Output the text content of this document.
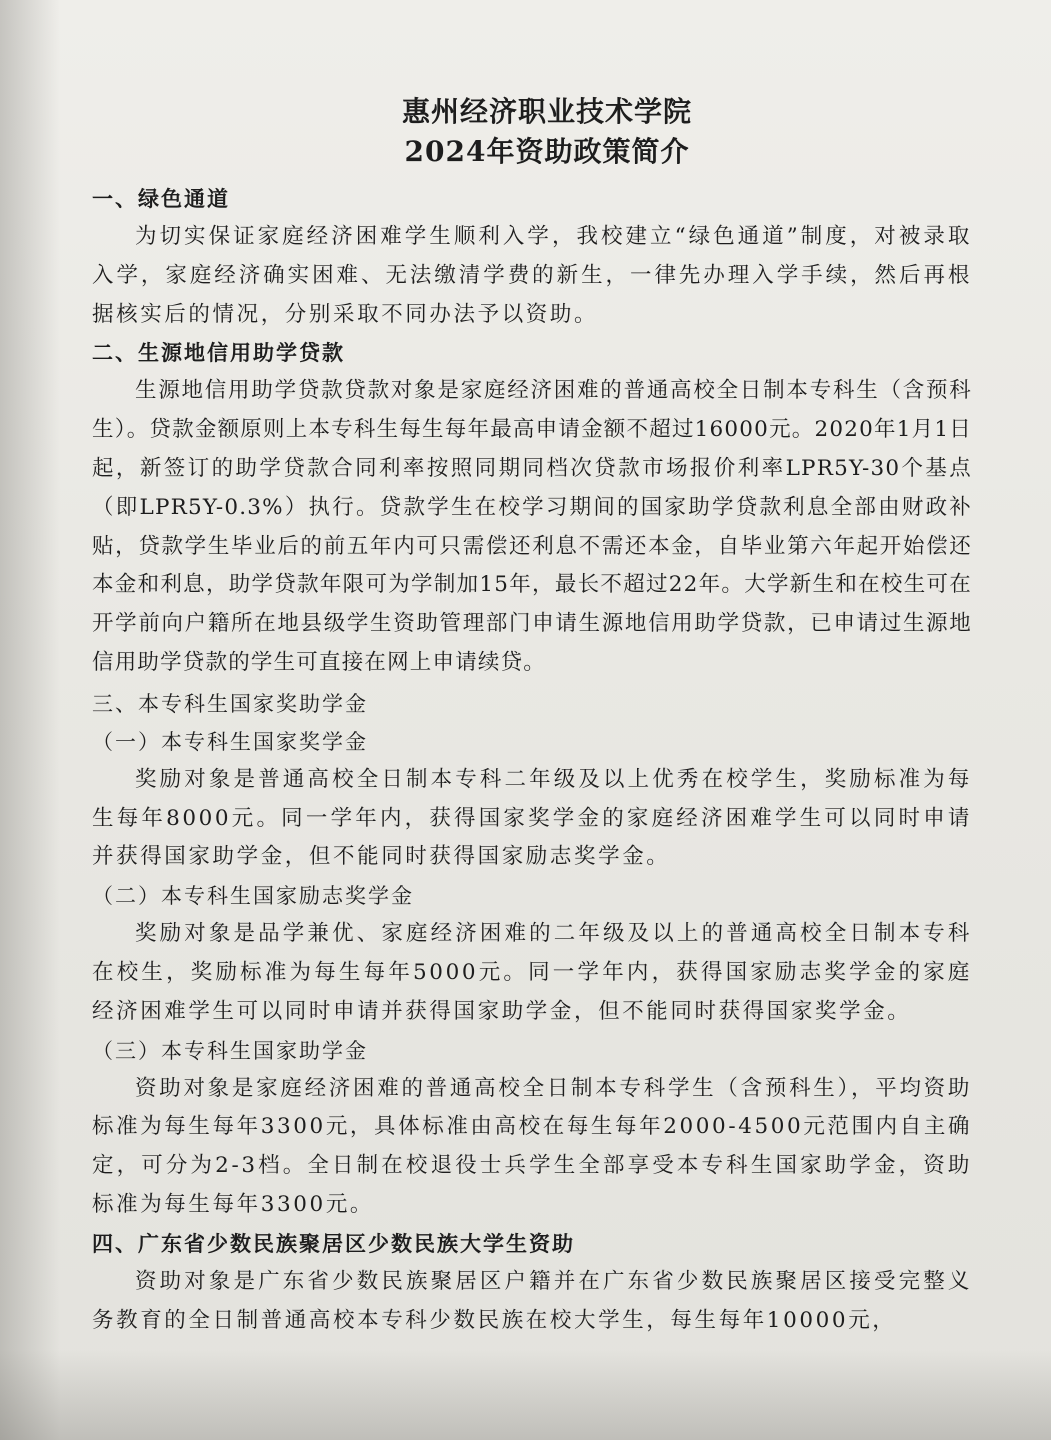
惠州经济职业技术学院

2024年资助政策简介

一、绿色通道

为切实保证家庭经济困难学生顺利入学，我校建立“绿色通道”制度，对被录取入学，家庭经济确实困难、无法缴清学费的新生，一律先办理入学手续，然后再根据核实后的情况，分别采取不同办法予以资助。

二、生源地信用助学贷款

生源地信用助学贷款贷款对象是家庭经济困难的普通高校全日制本专科生（含预科生）。贷款金额原则上本专科生每生每年最高申请金额不超过16000元。2020年1月1日起，新签订的助学贷款合同利率按照同期同档次贷款市场报价利率LPR5Y-30个基点（即LPR5Y-0.3%）执行。贷款学生在校学习期间的国家助学贷款利息全部由财政补贴，贷款学生毕业后的前五年内可只需偿还利息不需还本金，自毕业第六年起开始偿还本金和利息，助学贷款年限可为学制加15年，最长不超过22年。大学新生和在校生可在开学前向户籍所在地县级学生资助管理部门申请生源地信用助学贷款，已申请过生源地信用助学贷款的学生可直接在网上申请续贷。

三、本专科生国家奖助学金

（一）本专科生国家奖学金

奖励对象是普通高校全日制本专科二年级及以上优秀在校学生，奖励标准为每生每年8000元。同一学年内，获得国家奖学金的家庭经济困难学生可以同时申请并获得国家助学金，但不能同时获得国家励志奖学金。

（二）本专科生国家励志奖学金

奖励对象是品学兼优、家庭经济困难的二年级及以上的普通高校全日制本专科在校生，奖励标准为每生每年5000元。同一学年内，获得国家励志奖学金的家庭经济困难学生可以同时申请并获得国家助学金，但不能同时获得国家奖学金。

（三）本专科生国家助学金

资助对象是家庭经济困难的普通高校全日制本专科学生（含预科生），平均资助标准为每生每年3300元，具体标准由高校在每生每年2000-4500元范围内自主确定，可分为2-3档。全日制在校退役士兵学生全部享受本专科生国家助学金，资助标准为每生每年3300元。

四、广东省少数民族聚居区少数民族大学生资助

资助对象是广东省少数民族聚居区户籍并在广东省少数民族聚居区接受完整义务教育的全日制普通高校本专科少数民族在校大学生，每生每年10000元，
